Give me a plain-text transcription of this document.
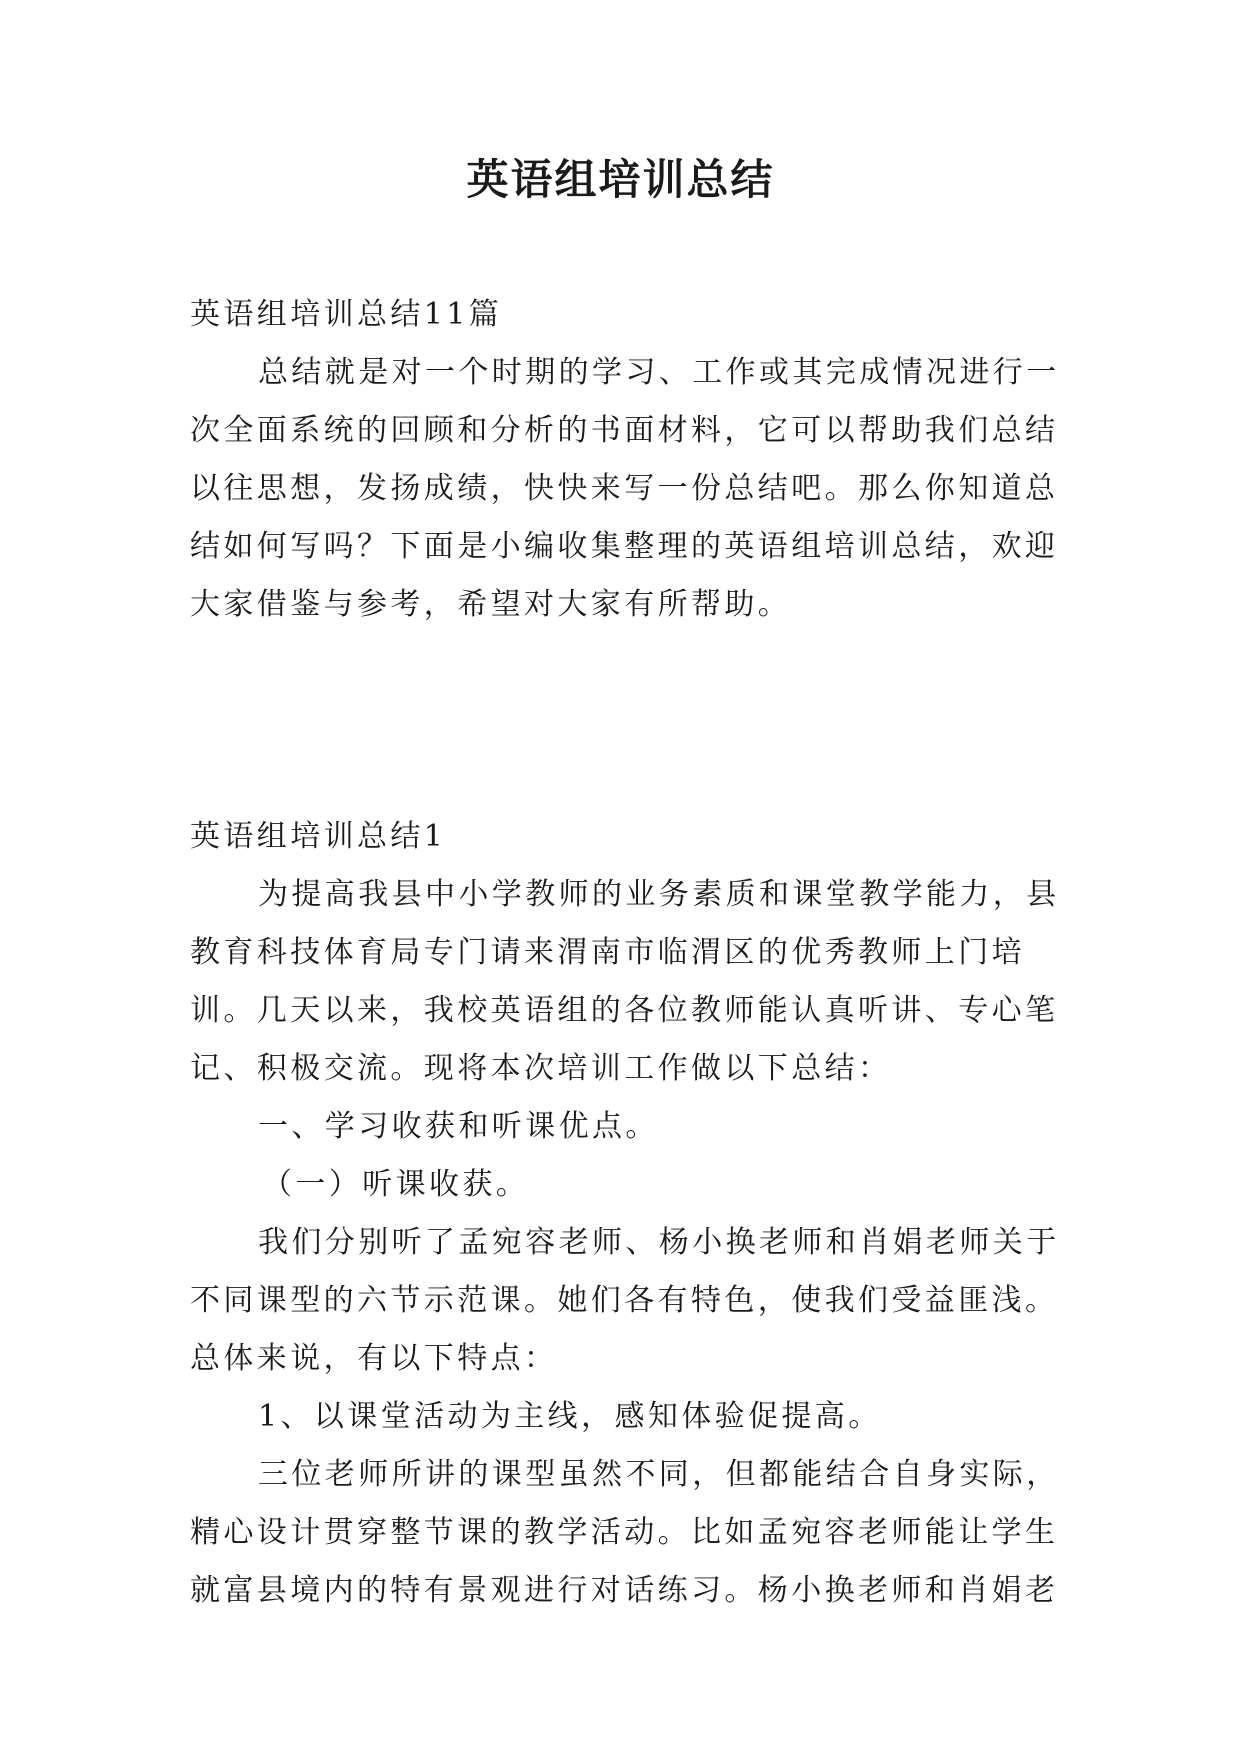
英语组培训总结

英语组培训总结11篇

总结就是对一个时期的学习、工作或其完成情况进行一

次全面系统的回顾和分析的书面材料，它可以帮助我们总结

以往思想，发扬成绩，快快来写一份总结吧。那么你知道总

结如何写吗？下面是小编收集整理的英语组培训总结，欢迎

大家借鉴与参考，希望对大家有所帮助。

英语组培训总结1

为提高我县中小学教师的业务素质和课堂教学能力，县

教育科技体育局专门请来渭南市临渭区的优秀教师上门培

训。几天以来，我校英语组的各位教师能认真听讲、专心笔

记、积极交流。现将本次培训工作做以下总结：

一、学习收获和听课优点。

（一）听课收获。

我们分别听了孟宛容老师、杨小换老师和肖娟老师关于

不同课型的六节示范课。她们各有特色，使我们受益匪浅。

总体来说，有以下特点：

1、以课堂活动为主线，感知体验促提高。

三位老师所讲的课型虽然不同，但都能结合自身实际，

精心设计贯穿整节课的教学活动。比如孟宛容老师能让学生

就富县境内的特有景观进行对话练习。杨小换老师和肖娟老
